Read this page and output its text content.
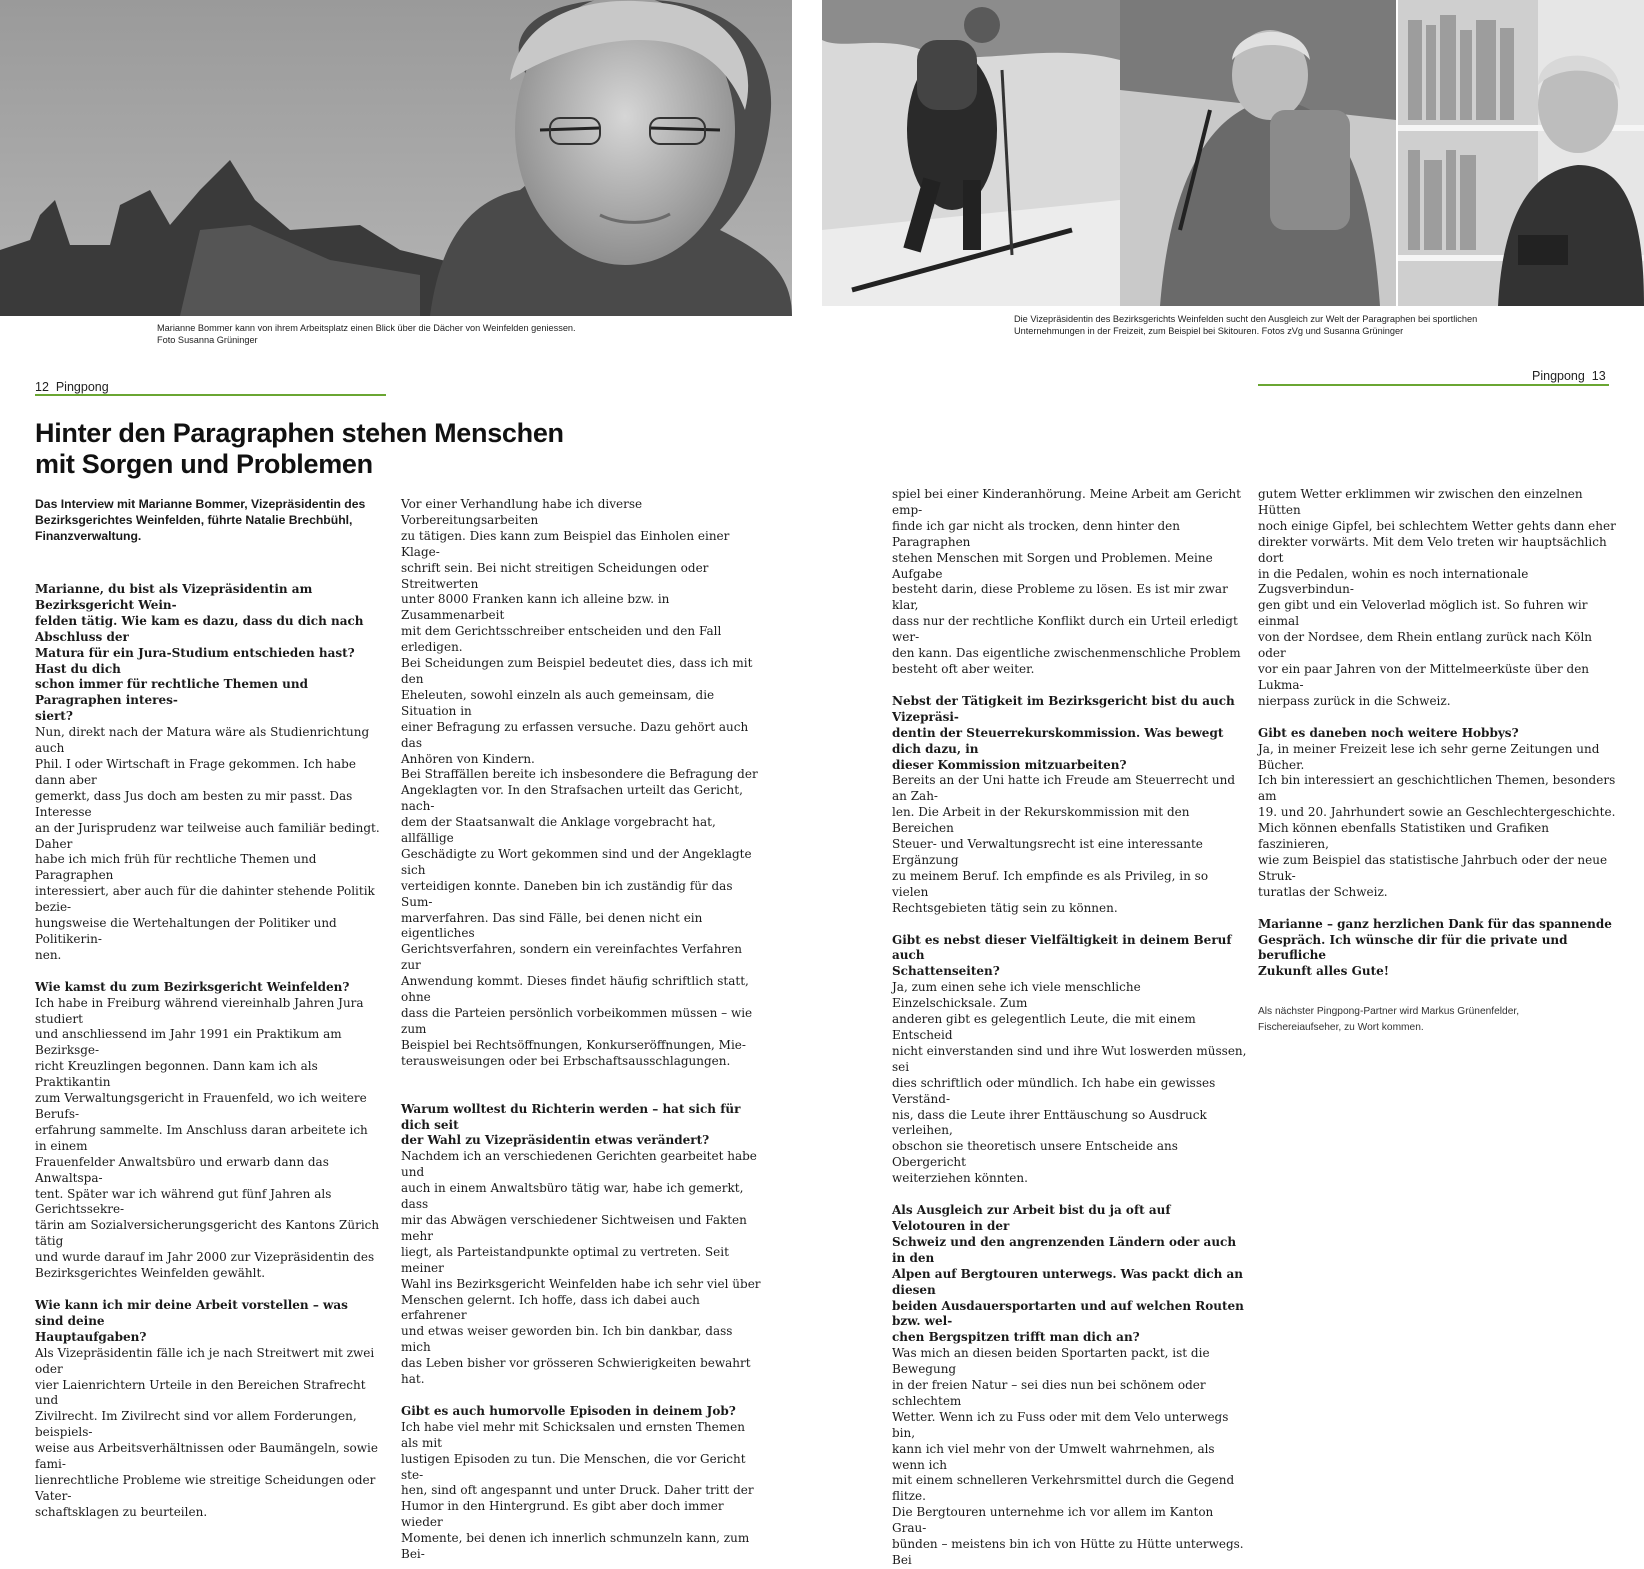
Marianne Bommer kann von ihrem Arbeitsplatz einen Blick über die Dächer von Weinfelden geniessen.
Foto Susanna Grüninger
Die Vizepräsidentin des Bezirksgerichts Weinfelden sucht den Ausgleich zur Welt der Paragraphen bei sportlichen
Unternehmungen in der Freizeit, zum Beispiel bei Skitouren. Fotos zVg und Susanna Grüninger
12  Pingpong
Pingpong  13
Hinter den Paragraphen stehen Menschen
mit Sorgen und Problemen

Das Interview mit Marianne Bommer, Vizepräsidentin des

Bezirksgerichtes Weinfelden, führte Natalie Brechbühl,

Finanzverwaltung.

Marianne, du bist als Vizepräsidentin am Bezirksgericht Wein-

felden tätig. Wie kam es dazu, dass du dich nach Abschluss der

Matura für ein Jura-Studium entschieden hast? Hast du dich

schon immer für rechtliche Themen und Paragraphen interes-

siert?

Nun, direkt nach der Matura wäre als Studienrichtung auch

Phil. I oder Wirtschaft in Frage gekommen. Ich habe dann aber

gemerkt, dass Jus doch am besten zu mir passt. Das Interesse

an der Jurisprudenz war teilweise auch familiär bedingt. Daher

habe ich mich früh für rechtliche Themen und Paragraphen

interessiert, aber auch für die dahinter stehende Politik bezie-

hungsweise die Wertehaltungen der Politiker und Politikerin-

nen.

Wie kamst du zum Bezirksgericht Weinfelden?

Ich habe in Freiburg während viereinhalb Jahren Jura studiert

und anschliessend im Jahr 1991 ein Praktikum am Bezirksge-

richt Kreuzlingen begonnen. Dann kam ich als Praktikantin

zum Verwaltungsgericht in Frauenfeld, wo ich weitere Berufs-

erfahrung sammelte. Im Anschluss daran arbeitete ich in einem

Frauenfelder Anwaltsbüro und erwarb dann das Anwaltspa-

tent. Später war ich während gut fünf Jahren als Gerichtssekre-

tärin am Sozialversicherungsgericht des Kantons Zürich tätig

und wurde darauf im Jahr 2000 zur Vizepräsidentin des

Bezirksgerichtes Weinfelden gewählt.

Wie kann ich mir deine Arbeit vorstellen – was sind deine

Hauptaufgaben?

Als Vizepräsidentin fälle ich je nach Streitwert mit zwei oder

vier Laienrichtern Urteile in den Bereichen Strafrecht und

Zivilrecht. Im Zivilrecht sind vor allem Forderungen, beispiels-

weise aus Arbeitsverhältnissen oder Baumängeln, sowie fami-

lienrechtliche Probleme wie streitige Scheidungen oder Vater-

schaftsklagen zu beurteilen.

Vor einer Verhandlung habe ich diverse Vorbereitungsarbeiten

zu tätigen. Dies kann zum Beispiel das Einholen einer Klage-

schrift sein. Bei nicht streitigen Scheidungen oder Streitwerten

unter 8000 Franken kann ich alleine bzw. in Zusammenarbeit

mit dem Gerichtsschreiber entscheiden und den Fall erledigen.

Bei Scheidungen zum Beispiel bedeutet dies, dass ich mit den

Eheleuten, sowohl einzeln als auch gemeinsam, die Situation in

einer Befragung zu erfassen versuche. Dazu gehört auch das

Anhören von Kindern.

Bei Straffällen bereite ich insbesondere die Befragung der

Angeklagten vor. In den Strafsachen urteilt das Gericht, nach-

dem der Staatsanwalt die Anklage vorgebracht hat, allfällige

Geschädigte zu Wort gekommen sind und der Angeklagte sich

verteidigen konnte. Daneben bin ich zuständig für das Sum-

marverfahren. Das sind Fälle, bei denen nicht ein eigentliches

Gerichtsverfahren, sondern ein vereinfachtes Verfahren zur

Anwendung kommt. Dieses findet häufig schriftlich statt, ohne

dass die Parteien persönlich vorbeikommen müssen – wie zum

Beispiel bei Rechtsöffnungen, Konkurseröffnungen, Mie-

terausweisungen oder bei Erbschaftsausschlagungen.

Warum wolltest du Richterin werden – hat sich für dich seit

der Wahl zu Vizepräsidentin etwas verändert?

Nachdem ich an verschiedenen Gerichten gearbeitet habe und

auch in einem Anwaltsbüro tätig war, habe ich gemerkt, dass

mir das Abwägen verschiedener Sichtweisen und Fakten mehr

liegt, als Parteistandpunkte optimal zu vertreten. Seit meiner

Wahl ins Bezirksgericht Weinfelden habe ich sehr viel über

Menschen gelernt. Ich hoffe, dass ich dabei auch erfahrener

und etwas weiser geworden bin. Ich bin dankbar, dass mich

das Leben bisher vor grösseren Schwierigkeiten bewahrt hat.

Gibt es auch humorvolle Episoden in deinem Job?

Ich habe viel mehr mit Schicksalen und ernsten Themen als mit

lustigen Episoden zu tun. Die Menschen, die vor Gericht ste-

hen, sind oft angespannt und unter Druck. Daher tritt der

Humor in den Hintergrund. Es gibt aber doch immer wieder

Momente, bei denen ich innerlich schmunzeln kann, zum Bei-

spiel bei einer Kinderanhörung. Meine Arbeit am Gericht emp-

finde ich gar nicht als trocken, denn hinter den Paragraphen

stehen Menschen mit Sorgen und Problemen. Meine Aufgabe

besteht darin, diese Probleme zu lösen. Es ist mir zwar klar,

dass nur der rechtliche Konflikt durch ein Urteil erledigt wer-

den kann. Das eigentliche zwischenmenschliche Problem

besteht oft aber weiter.

Nebst der Tätigkeit im Bezirksgericht bist du auch Vizepräsi-

dentin der Steuerrekurskommission. Was bewegt dich dazu, in

dieser Kommission mitzuarbeiten?

Bereits an der Uni hatte ich Freude am Steuerrecht und an Zah-

len. Die Arbeit in der Rekurskommission mit den Bereichen

Steuer- und Verwaltungsrecht ist eine interessante Ergänzung

zu meinem Beruf. Ich empfinde es als Privileg, in so vielen

Rechtsgebieten tätig sein zu können.

Gibt es nebst dieser Vielfältigkeit in deinem Beruf auch

Schattenseiten?

Ja, zum einen sehe ich viele menschliche Einzelschicksale. Zum

anderen gibt es gelegentlich Leute, die mit einem Entscheid

nicht einverstanden sind und ihre Wut loswerden müssen, sei

dies schriftlich oder mündlich. Ich habe ein gewisses Verständ-

nis, dass die Leute ihrer Enttäuschung so Ausdruck verleihen,

obschon sie theoretisch unsere Entscheide ans Obergericht

weiterziehen könnten.

Als Ausgleich zur Arbeit bist du ja oft auf Velotouren in der

Schweiz und den angrenzenden Ländern oder auch in den

Alpen auf Bergtouren unterwegs. Was packt dich an diesen

beiden Ausdauersportarten und auf welchen Routen bzw. wel-

chen Bergspitzen trifft man dich an?

Was mich an diesen beiden Sportarten packt, ist die Bewegung

in der freien Natur – sei dies nun bei schönem oder schlechtem

Wetter. Wenn ich zu Fuss oder mit dem Velo unterwegs bin,

kann ich viel mehr von der Umwelt wahrnehmen, als wenn ich

mit einem schnelleren Verkehrsmittel durch die Gegend flitze.

Die Bergtouren unternehme ich vor allem im Kanton Grau-

bünden – meistens bin ich von Hütte zu Hütte unterwegs. Bei

gutem Wetter erklimmen wir zwischen den einzelnen Hütten

noch einige Gipfel, bei schlechtem Wetter gehts dann eher

direkter vorwärts. Mit dem Velo treten wir hauptsächlich dort

in die Pedalen, wohin es noch internationale Zugsverbindun-

gen gibt und ein Veloverlad möglich ist. So fuhren wir einmal

von der Nordsee, dem Rhein entlang zurück nach Köln oder

vor ein paar Jahren von der Mittelmeerküste über den Lukma-

nierpass zurück in die Schweiz.

Gibt es daneben noch weitere Hobbys?

Ja, in meiner Freizeit lese ich sehr gerne Zeitungen und Bücher.

Ich bin interessiert an geschichtlichen Themen, besonders am

19. und 20. Jahrhundert sowie an Geschlechtergeschichte.

Mich können ebenfalls Statistiken und Grafiken faszinieren,

wie zum Beispiel das statistische Jahrbuch oder der neue Struk-

turatlas der Schweiz.

Marianne – ganz herzlichen Dank für das spannende

Gespräch. Ich wünsche dir für die private und berufliche

Zukunft alles Gute!

Als nächster Pingpong-Partner wird Markus Grünenfelder,

Fischereiaufseher, zu Wort kommen.
